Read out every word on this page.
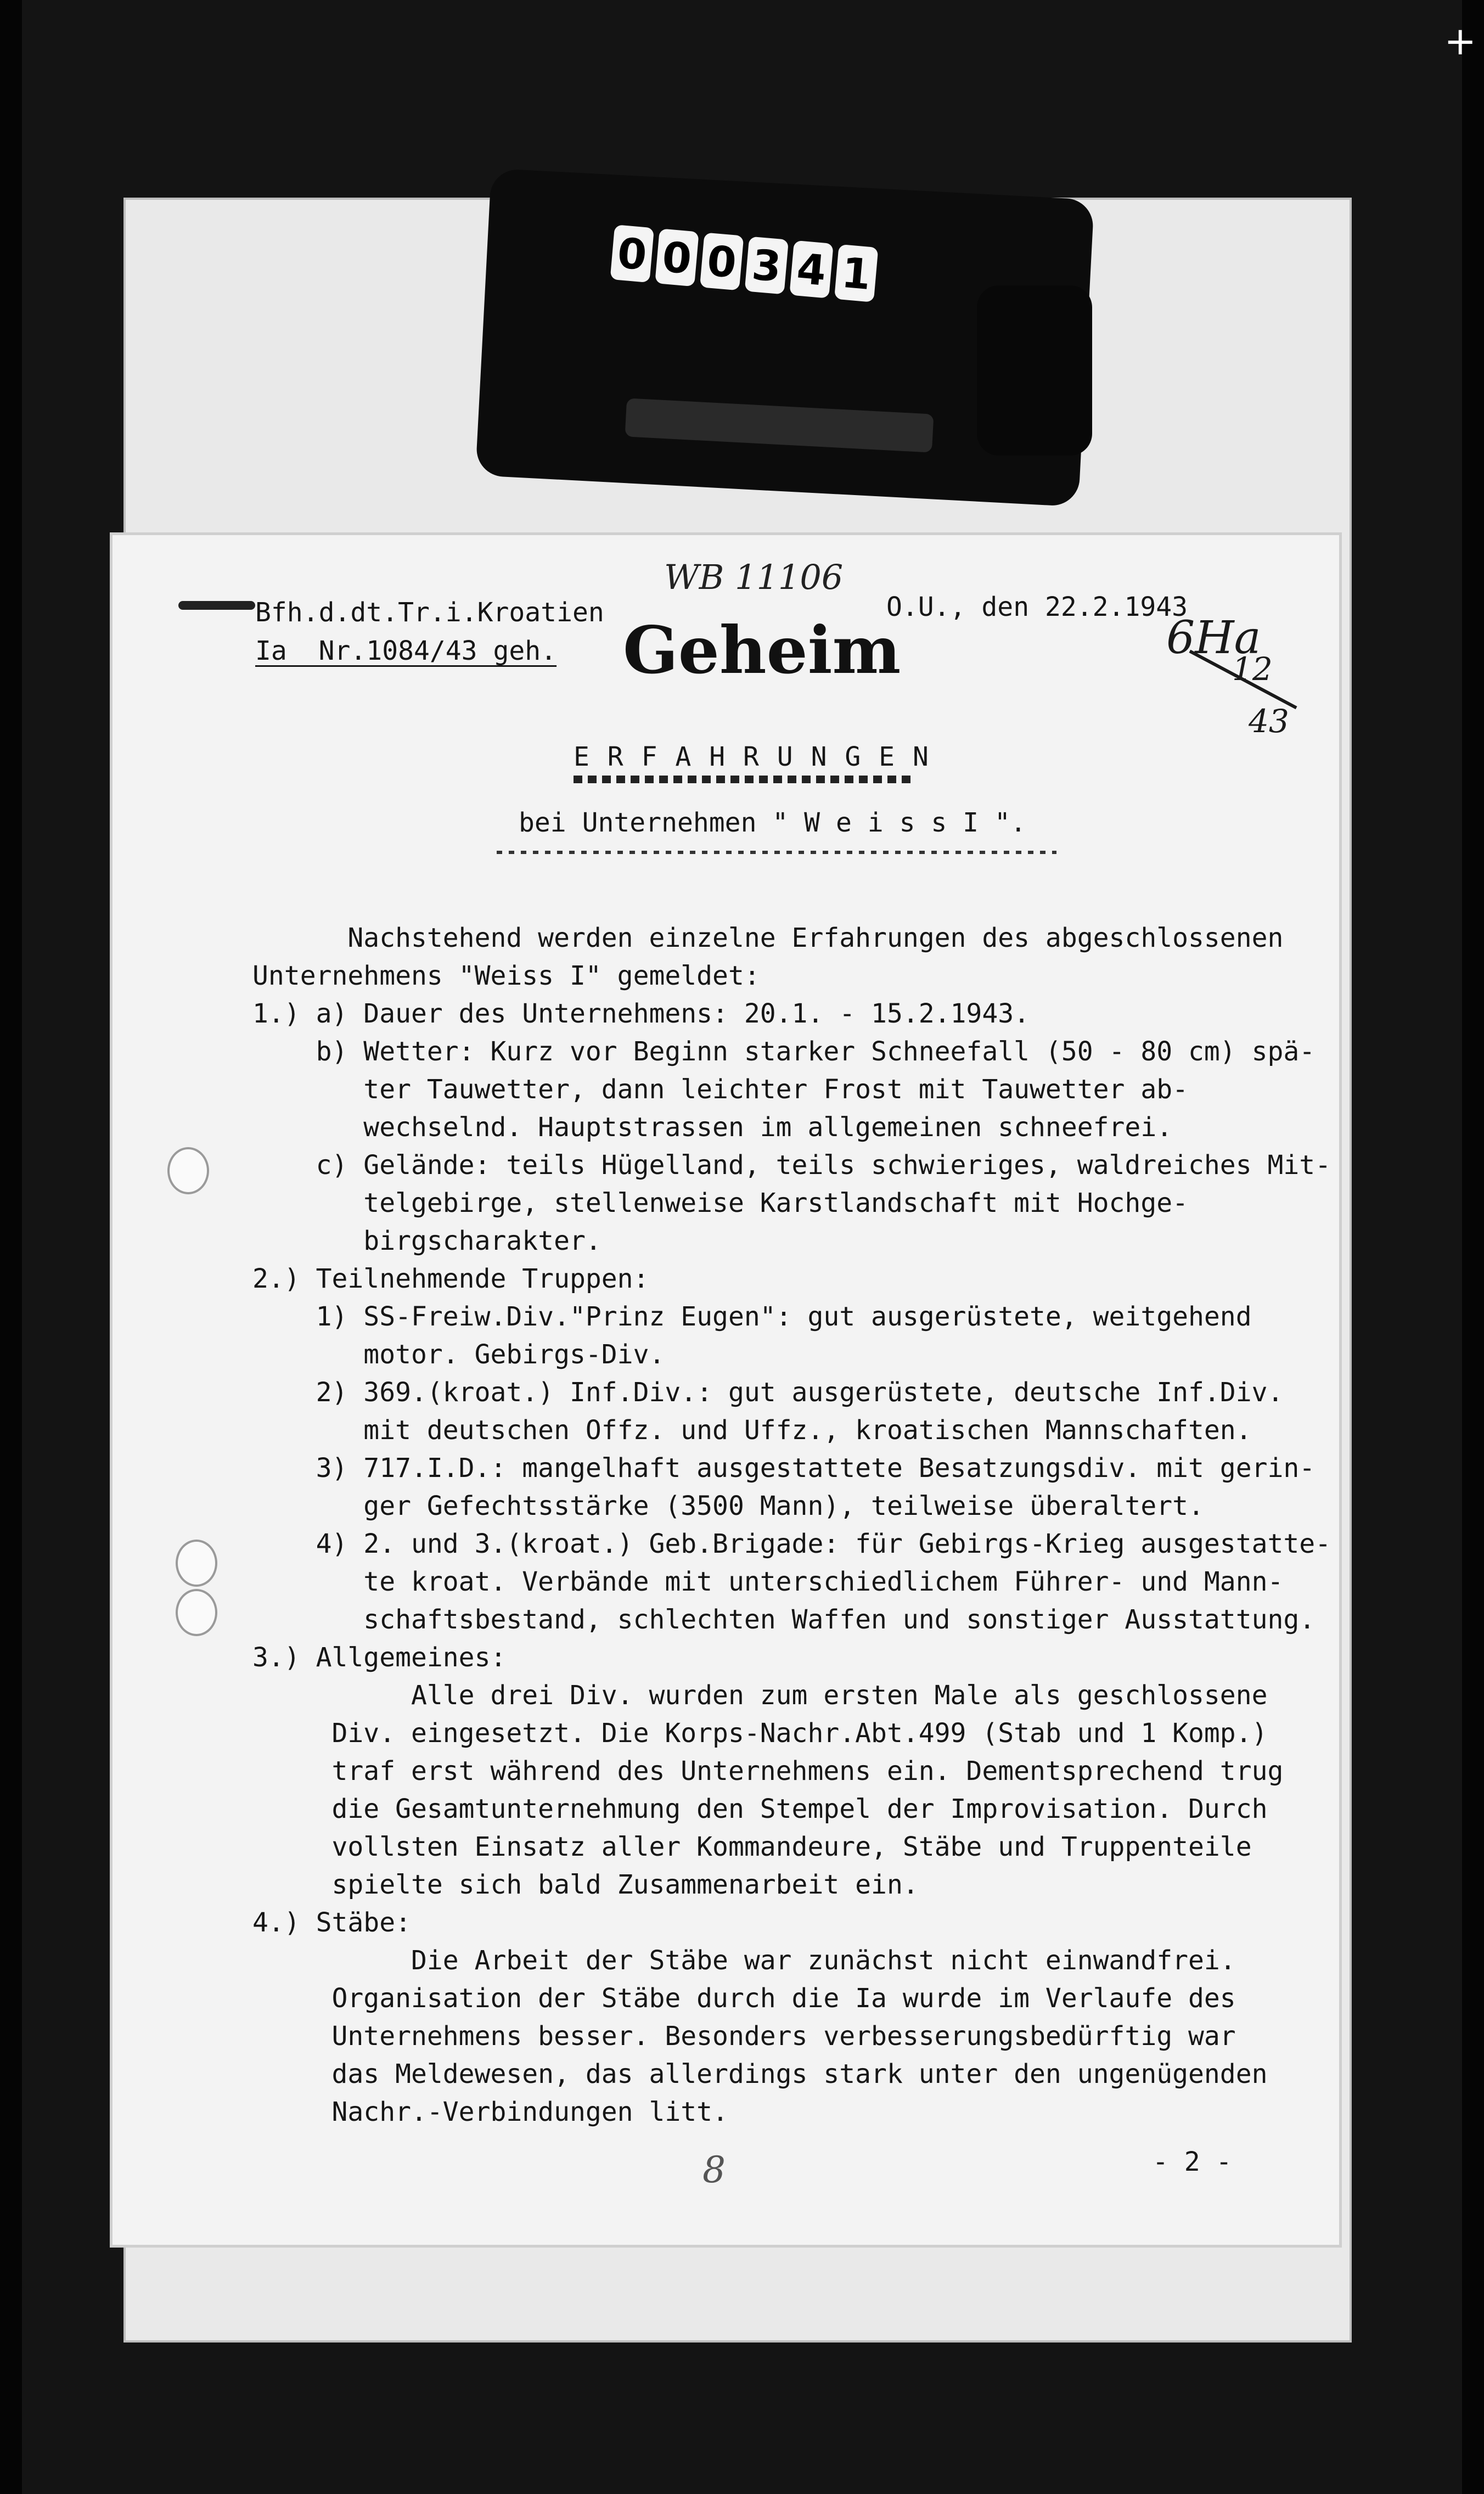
+
0 0 0 3 4 1
Bfh.d.dt.Tr.i.Kroatien
Ia  Nr.1084/43 geh.
WB 11106
Geheim
O.U., den 22.2.1943
6Ha
12
43
E R F A H R U N G E N
bei Unternehmen " W e i s s I ".
Nachstehend werden einzelne Erfahrungen des abgeschlossenen
Unternehmens "Weiss I" gemeldet:
1.) a) Dauer des Unternehmens: 20.1. - 15.2.1943.
b) Wetter: Kurz vor Beginn starker Schneefall (50 - 80 cm) spä-
ter Tauwetter, dann leichter Frost mit Tauwetter ab-
wechselnd. Hauptstrassen im allgemeinen schneefrei.
c) Gelände: teils Hügelland, teils schwieriges, waldreiches Mit-
telgebirge, stellenweise Karstlandschaft mit Hochge-
birgscharakter.
2.) Teilnehmende Truppen:
1) SS-Freiw.Div."Prinz Eugen": gut ausgerüstete, weitgehend
motor. Gebirgs-Div.
2) 369.(kroat.) Inf.Div.: gut ausgerüstete, deutsche Inf.Div.
mit deutschen Offz. und Uffz., kroatischen Mannschaften.
3) 717.I.D.: mangelhaft ausgestattete Besatzungsdiv. mit gerin-
ger Gefechtsstärke (3500 Mann), teilweise überaltert.
4) 2. und 3.(kroat.) Geb.Brigade: für Gebirgs-Krieg ausgestatte-
te kroat. Verbände mit unterschiedlichem Führer- und Mann-
schaftsbestand, schlechten Waffen und sonstiger Ausstattung.
3.) Allgemeines:
Alle drei Div. wurden zum ersten Male als geschlossene
Div. eingesetzt. Die Korps-Nachr.Abt.499 (Stab und 1 Komp.)
traf erst während des Unternehmens ein. Dementsprechend trug
die Gesamtunternehmung den Stempel der Improvisation. Durch
vollsten Einsatz aller Kommandeure, Stäbe und Truppenteile
spielte sich bald Zusammenarbeit ein.
4.) Stäbe:
Die Arbeit der Stäbe war zunächst nicht einwandfrei.
Organisation der Stäbe durch die Ia wurde im Verlaufe des
Unternehmens besser. Besonders verbesserungsbedürftig war
das Meldewesen, das allerdings stark unter den ungenügenden
Nachr.-Verbindungen litt.
- 2 -
8
